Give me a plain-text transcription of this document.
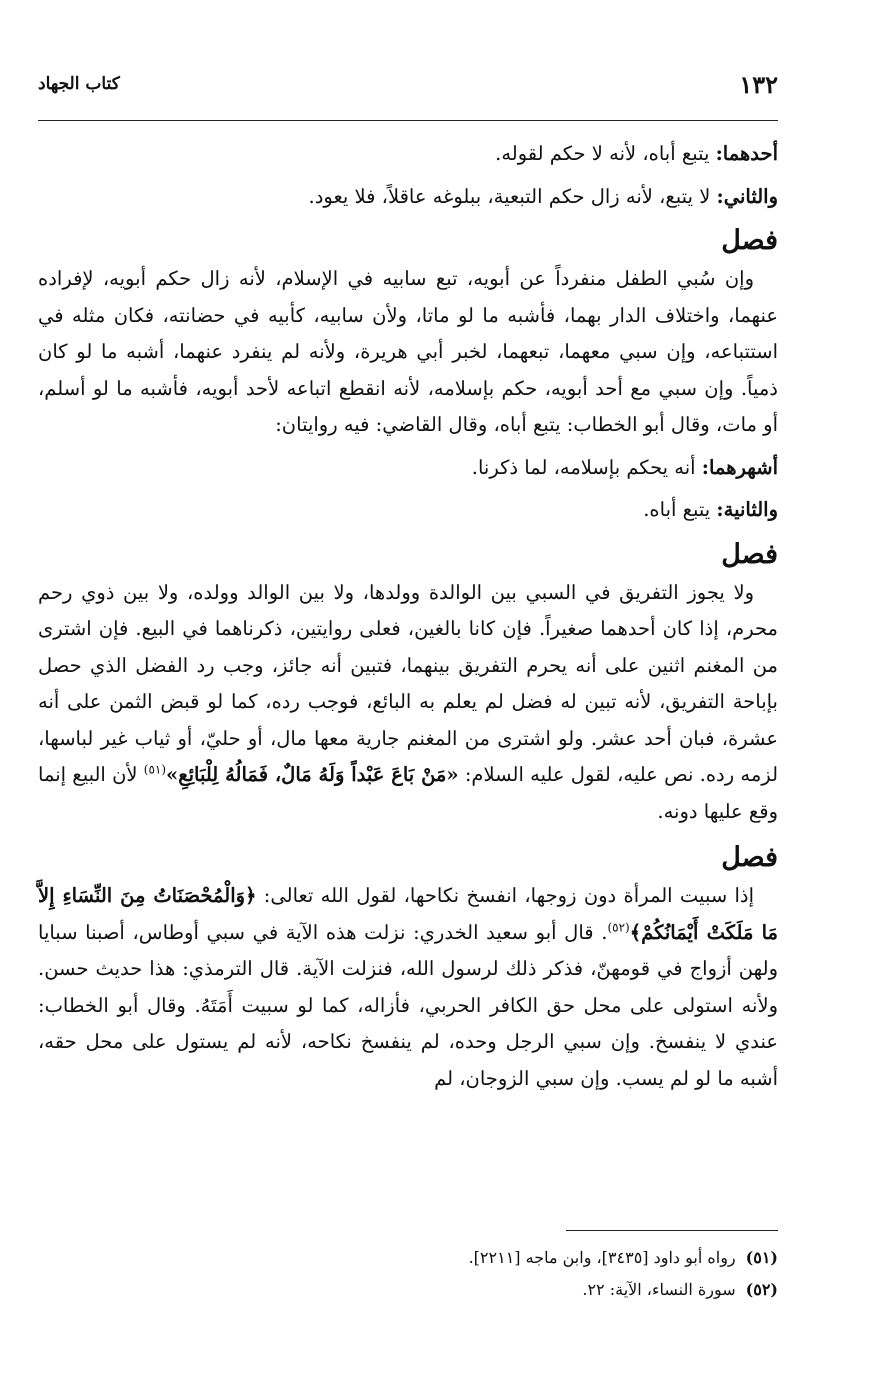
١٣٢
كتاب الجهاد

أحدهما: يتبع أباه، لأنه لا حكم لقوله.

والثاني: لا يتبع، لأنه زال حكم التبعية، ببلوغه عاقلاً، فلا يعود.

فصل

وإن سُبي الطفل منفرداً عن أبويه، تبع سابيه في الإسلام، لأنه زال حكم أبويه، لإفراده عنهما، واختلاف الدار بهما، فأشبه ما لو ماتا، ولأن سابيه، كأبيه في حضانته، فكان مثله في استتباعه، وإن سبي معهما، تبعهما، لخبر أبي هريرة، ولأنه لم ينفرد عنهما، أشبه ما لو كان ذمياً. وإن سبي مع أحد أبويه، حكم بإسلامه، لأنه انقطع اتباعه لأحد أبويه، فأشبه ما لو أسلم، أو مات، وقال أبو الخطاب: يتبع أباه، وقال القاضي: فيه روايتان:

أشهرهما: أنه يحكم بإسلامه، لما ذكرنا.

والثانية: يتبع أباه.

فصل

ولا يجوز التفريق في السبي بين الوالدة وولدها، ولا بين الوالد وولده، ولا بين ذوي رحم محرم، إذا كان أحدهما صغيراً. فإن كانا بالغين، فعلى روايتين، ذكرناهما في البيع. فإن اشترى من المغنم اثنين على أنه يحرم التفريق بينهما، فتبين أنه جائز، وجب رد الفضل الذي حصل بإباحة التفريق، لأنه تبين له فضل لم يعلم به البائع، فوجب رده، كما لو قبض الثمن على أنه عشرة، فبان أحد عشر. ولو اشترى من المغنم جارية معها مال، أو حليّ، أو ثياب غير لباسها، لزمه رده. نص عليه، لقول عليه السلام: «مَنْ بَاعَ عَبْداً وَلَهُ مَالٌ، فَمَالُهُ لِلْبَائِعِ»$^{(٥١)}$ لأن البيع إنما وقع عليها دونه.

فصل

إذا سبيت المرأة دون زوجها، انفسخ نكاحها، لقول الله تعالى: ﴿وَالْمُحْصَنَاتُ مِنَ النِّسَاءِ إِلاَّ مَا مَلَكَتْ أَيْمَانُكُمْ﴾$^{(٥٢)}$. قال أبو سعيد الخدري: نزلت هذه الآية في سبي أوطاس، أصبنا سبايا ولهن أزواج في قومهنّ، فذكر ذلك لرسول الله، فنزلت الآية. قال الترمذي: هذا حديث حسن. ولأنه استولى على محل حق الكافر الحربي، فأزاله، كما لو سبيت أَمَتَهُ. وقال أبو الخطاب: عندي لا ينفسخ. وإن سبي الرجل وحده، لم ينفسخ نكاحه، لأنه لم يستول على محل حقه، أشبه ما لو لم يسب. وإن سبي الزوجان، لم

(٥١)رواه أبو داود [٣٤٣٥]، وابن ماجه [٢٢١١].

(٥٢)سورة النساء، الآية: ٢٢.
